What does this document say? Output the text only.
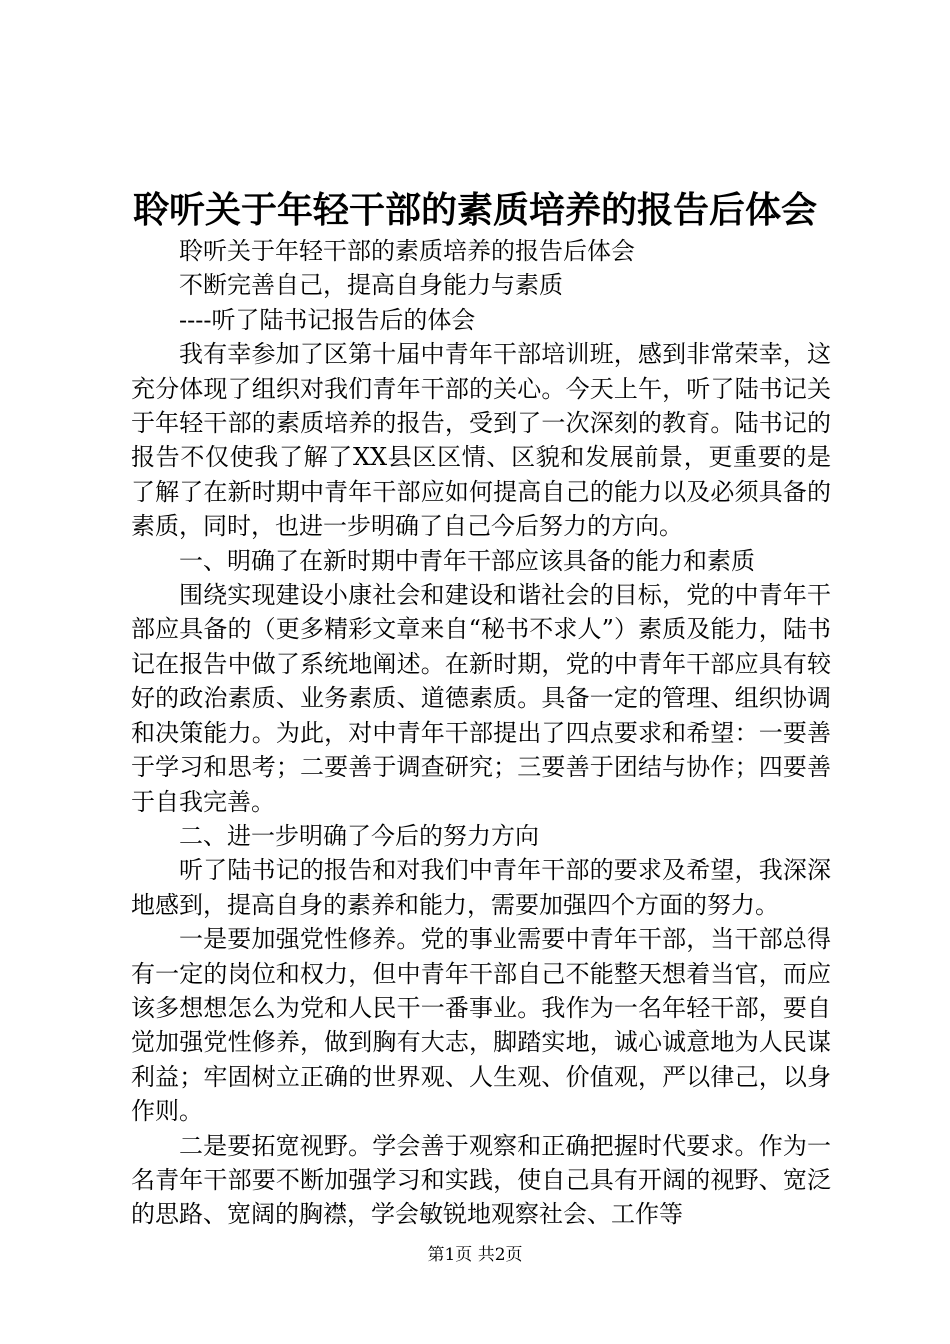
聆听关于年轻干部的素质培养的报告后体会

聆听关于年轻干部的素质培养的报告后体会

不断完善自己，提高自身能力与素质

----听了陆书记报告后的体会

我有幸参加了区第十届中青年干部培训班，感到非常荣幸，这充分体现了组织对我们青年干部的关心。今天上午，听了陆书记关于年轻干部的素质培养的报告，受到了一次深刻的教育。陆书记的报告不仅使我了解了XX县区区情、区貌和发展前景，更重要的是了解了在新时期中青年干部应如何提高自己的能力以及必须具备的素质，同时，也进一步明确了自己今后努力的方向。

一、明确了在新时期中青年干部应该具备的能力和素质

围绕实现建设小康社会和建设和谐社会的目标，党的中青年干部应具备的（更多精彩文章来自“秘书不求人”）素质及能力，陆书记在报告中做了系统地阐述。在新时期，党的中青年干部应具有较好的政治素质、业务素质、道德素质。具备一定的管理、组织协调和决策能力。为此，对中青年干部提出了四点要求和希望：一要善于学习和思考；二要善于调查研究；三要善于团结与协作；四要善于自我完善。

二、进一步明确了今后的努力方向

听了陆书记的报告和对我们中青年干部的要求及希望，我深深地感到，提高自身的素养和能力，需要加强四个方面的努力。

一是要加强党性修养。党的事业需要中青年干部，当干部总得有一定的岗位和权力，但中青年干部自己不能整天想着当官，而应该多想想怎么为党和人民干一番事业。我作为一名年轻干部，要自觉加强党性修养，做到胸有大志，脚踏实地，诚心诚意地为人民谋利益；牢固树立正确的世界观、人生观、价值观，严以律己，以身作则。

二是要拓宽视野。学会善于观察和正确把握时代要求。作为一名青年干部要不断加强学习和实践，使自己具有开阔的视野、宽泛的思路、宽阔的胸襟，学会敏锐地观察社会、工作等

第1页 共2页
